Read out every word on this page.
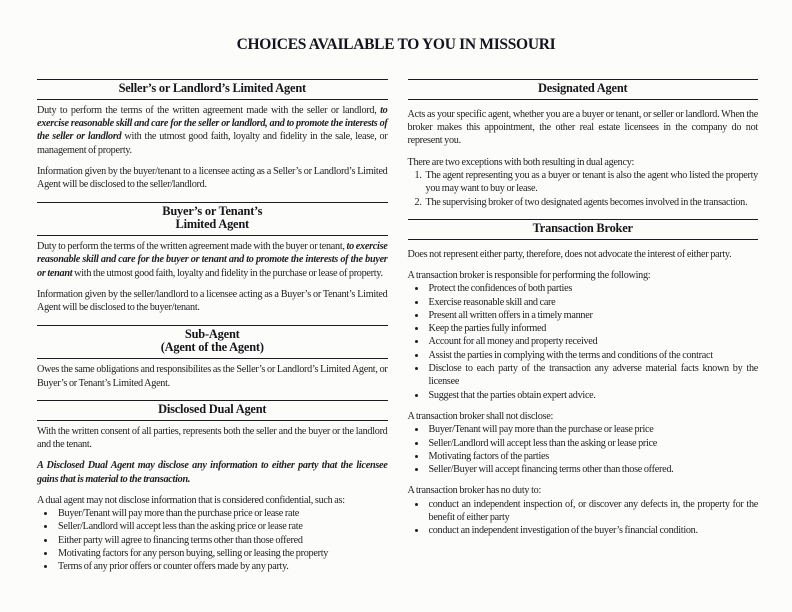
CHOICES AVAILABLE TO YOU IN MISSOURI
Seller’s or Landlord’s Limited Agent

Duty to perform the terms of the written agreement made with the seller or landlord, to exercise reasonable skill and care for the seller or landlord, and to promote the interests of the seller or landlord with the utmost good faith, loyalty and fidelity in the sale, lease, or management of property.

Information given by the buyer/tenant to a licensee acting as a Seller’s or Landlord’s Limited Agent will be disclosed to the seller/landlord.

Buyer’s or Tenant’s
Limited Agent

Duty to perform the terms of the written agreement made with the buyer or tenant, to exercise reasonable skill and care for the buyer or tenant and to promote the interests of the buyer or tenant with the utmost good faith, loyalty and fidelity in the purchase or lease of property.

Information given by the seller/landlord to a licensee acting as a Buyer’s or Tenant’s Limited Agent will be disclosed to the buyer/tenant.

Sub-Agent
(Agent of the Agent)

Owes the same obligations and responsibilites as the Seller’s or Landlord’s Limited Agent, or Buyer’s or Tenant’s Limited Agent.

Disclosed Dual Agent

With the written consent of all parties, represents both the seller and the buyer or the landlord and the tenant.

A Disclosed Dual Agent may disclose any information to either party that the licensee gains that is material to the transaction.

A dual agent may not disclose information that is considered confidential, such as:

• Buyer/Tenant will pay more than the purchase price or lease rate
• Seller/Landlord will accept less than the asking price or lease rate
• Either party will agree to financing terms other than those offered
• Motivating factors for any person buying, selling or leasing the property
• Terms of any prior offers or counter offers made by any party.
Designated Agent

Acts as your specific agent, whether you are a buyer or tenant, or seller or landlord. When the broker makes this appointment, the other real estate licensees in the company do not represent you.

There are two exceptions with both resulting in dual agency:

1. The agent representing you as a buyer or tenant is also the agent who listed the property you may want to buy or lease.
2. The supervising broker of two designated agents becomes involved in the transaction.
Transaction Broker

Does not represent either party, therefore, does not advocate the interest of either party.

A transaction broker is responsible for performing the following:

• Protect the confidences of both parties
• Exercise reasonable skill and care
• Present all written offers in a timely manner
• Keep the parties fully informed
• Account for all money and property received
• Assist the parties in complying with the terms and conditions of the contract
• Disclose to each party of the transaction any adverse material facts known by the licensee
• Suggest that the parties obtain expert advice.

A transaction broker shall not disclose:

• Buyer/Tenant will pay more than the purchase or lease price
• Seller/Landlord will accept less than the asking or lease price
• Motivating factors of the parties
• Seller/Buyer will accept financing terms other than those offered.

A transaction broker has no duty to:

• conduct an independent inspection of, or discover any defects in, the property for the benefit of either party
• conduct an independent investigation of the buyer’s financial condition.
